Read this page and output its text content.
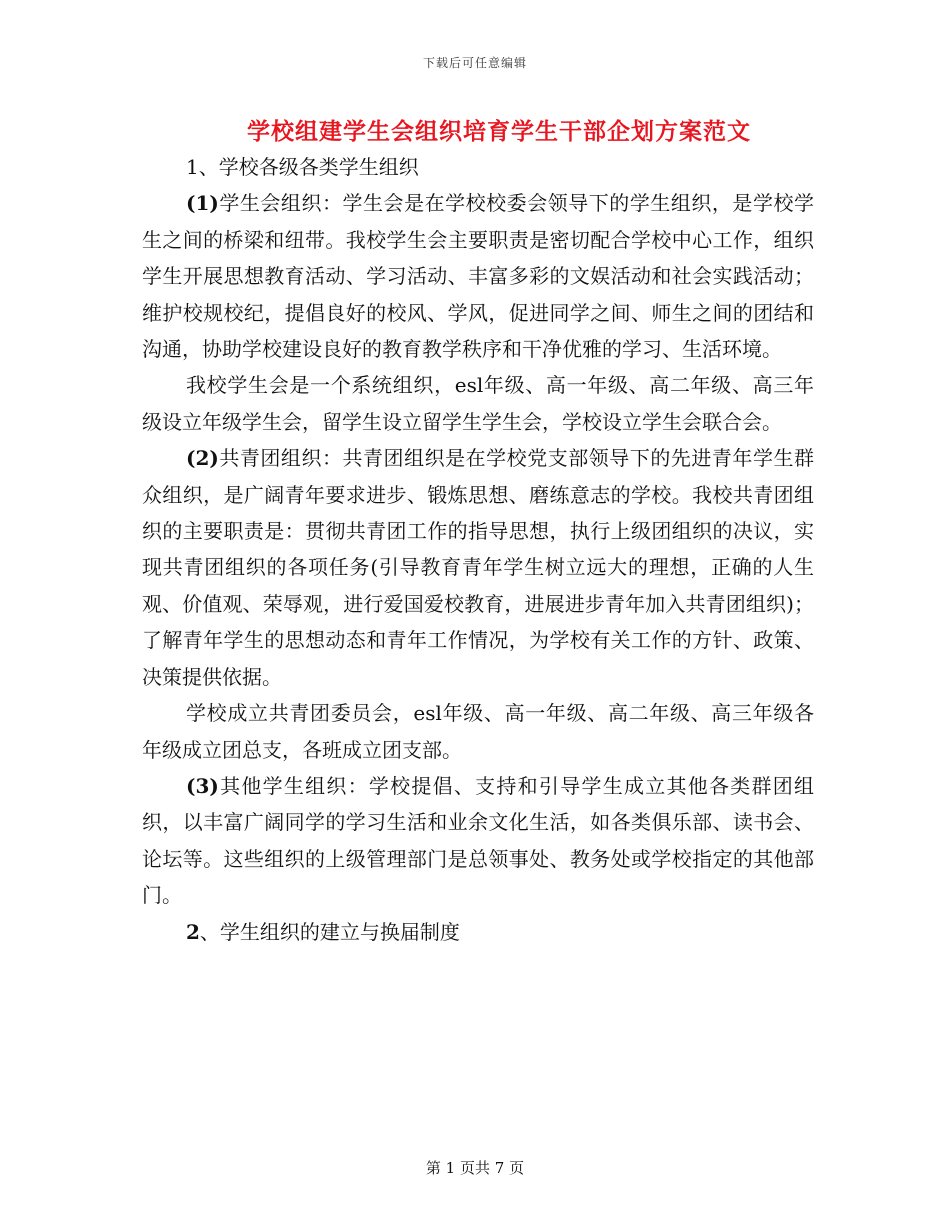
下载后可任意编辑
学校组建学生会组织培育学生干部企划方案范文

1、学校各级各类学生组织

(1)学生会组织：学生会是在学校校委会领导下的学生组织，是学校学生之间的桥梁和纽带。我校学生会主要职责是密切配合学校中心工作，组织学生开展思想教育活动、学习活动、丰富多彩的文娱活动和社会实践活动；维护校规校纪，提倡良好的校风、学风，促进同学之间、师生之间的团结和沟通，协助学校建设良好的教育教学秩序和干净优雅的学习、生活环境。

我校学生会是一个系统组织，esl年级、高一年级、高二年级、高三年级设立年级学生会，留学生设立留学生学生会，学校设立学生会联合会。

(2)共青团组织：共青团组织是在学校党支部领导下的先进青年学生群众组织，是广阔青年要求进步、锻炼思想、磨练意志的学校。我校共青团组织的主要职责是：贯彻共青团工作的指导思想，执行上级团组织的决议，实现共青团组织的各项任务(引导教育青年学生树立远大的理想，正确的人生观、价值观、荣辱观，进行爱国爱校教育，进展进步青年加入共青团组织)；了解青年学生的思想动态和青年工作情况，为学校有关工作的方针、政策、决策提供依据。

学校成立共青团委员会，esl年级、高一年级、高二年级、高三年级各年级成立团总支，各班成立团支部。

(3)其他学生组织：学校提倡、支持和引导学生成立其他各类群团组织，以丰富广阔同学的学习生活和业余文化生活，如各类俱乐部、读书会、论坛等。这些组织的上级管理部门是总领事处、教务处或学校指定的其他部门。

2、学生组织的建立与换届制度

第 1 页共 7 页
